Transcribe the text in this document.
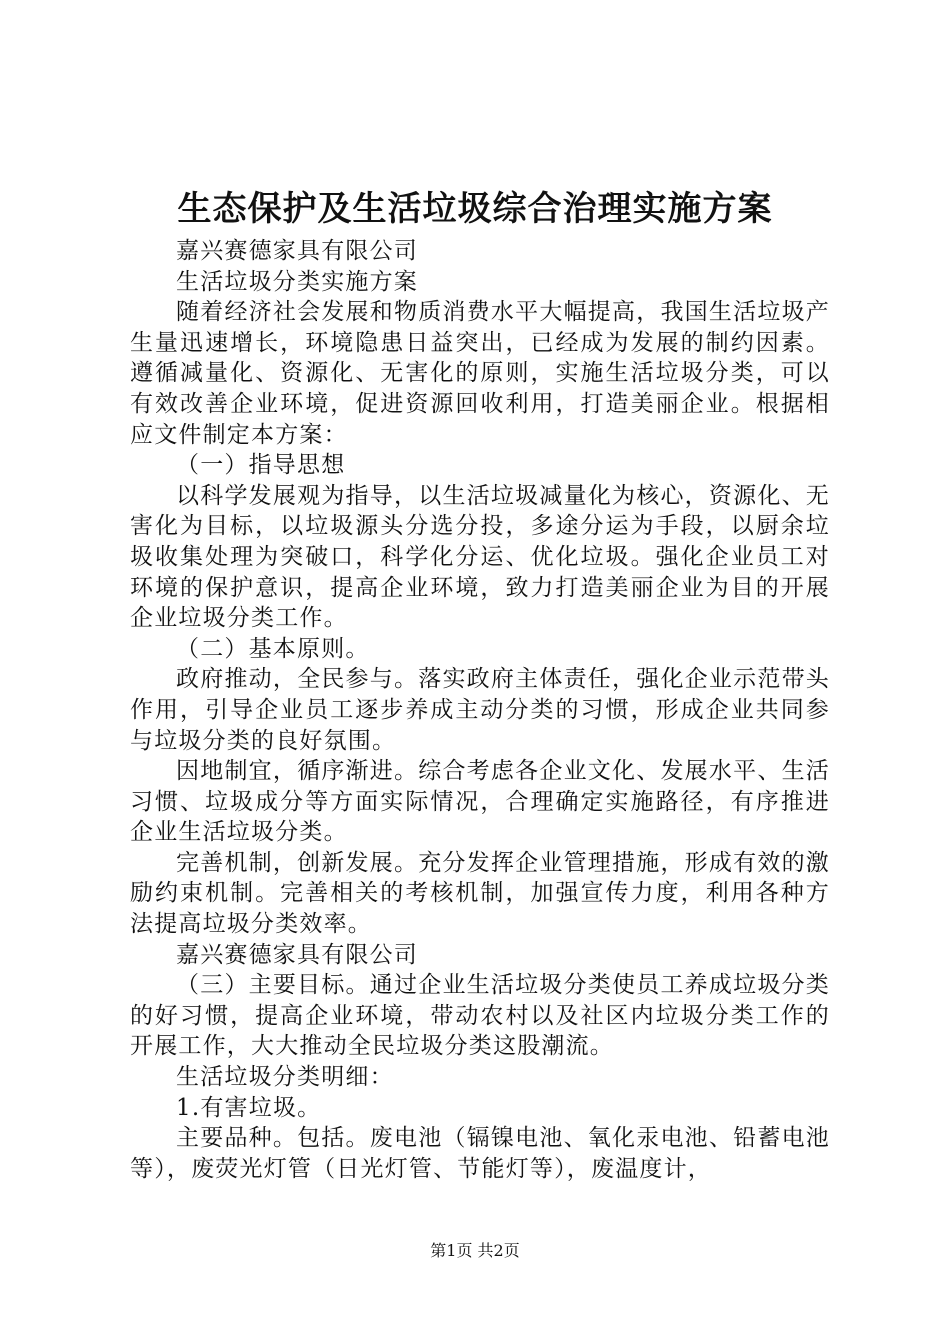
生态保护及生活垃圾综合治理实施方案

嘉兴赛德家具有限公司

生活垃圾分类实施方案

随着经济社会发展和物质消费水平大幅提高，我国生活垃圾产生量迅速增长，环境隐患日益突出，已经成为发展的制约因素。遵循减量化、资源化、无害化的原则，实施生活垃圾分类，可以有效改善企业环境，促进资源回收利用，打造美丽企业。根据相应文件制定本方案：

（一）指导思想

以科学发展观为指导，以生活垃圾减量化为核心，资源化、无害化为目标，以垃圾源头分选分投，多途分运为手段，以厨余垃圾收集处理为突破口，科学化分运、优化垃圾。强化企业员工对环境的保护意识，提高企业环境，致力打造美丽企业为目的开展企业垃圾分类工作。

（二）基本原则。

政府推动，全民参与。落实政府主体责任，强化企业示范带头作用，引导企业员工逐步养成主动分类的习惯，形成企业共同参与垃圾分类的良好氛围。

因地制宜，循序渐进。综合考虑各企业文化、发展水平、生活习惯、垃圾成分等方面实际情况，合理确定实施路径，有序推进企业生活垃圾分类。

完善机制，创新发展。充分发挥企业管理措施，形成有效的激励约束机制。完善相关的考核机制，加强宣传力度，利用各种方法提高垃圾分类效率。

嘉兴赛德家具有限公司

（三）主要目标。通过企业生活垃圾分类使员工养成垃圾分类的好习惯，提高企业环境，带动农村以及社区内垃圾分类工作的开展工作，大大推动全民垃圾分类这股潮流。

生活垃圾分类明细：

1.有害垃圾。

主要品种。包括。废电池（镉镍电池、氧化汞电池、铅蓄电池等），废荧光灯管（日光灯管、节能灯等），废温度计，

第1页 共2页
